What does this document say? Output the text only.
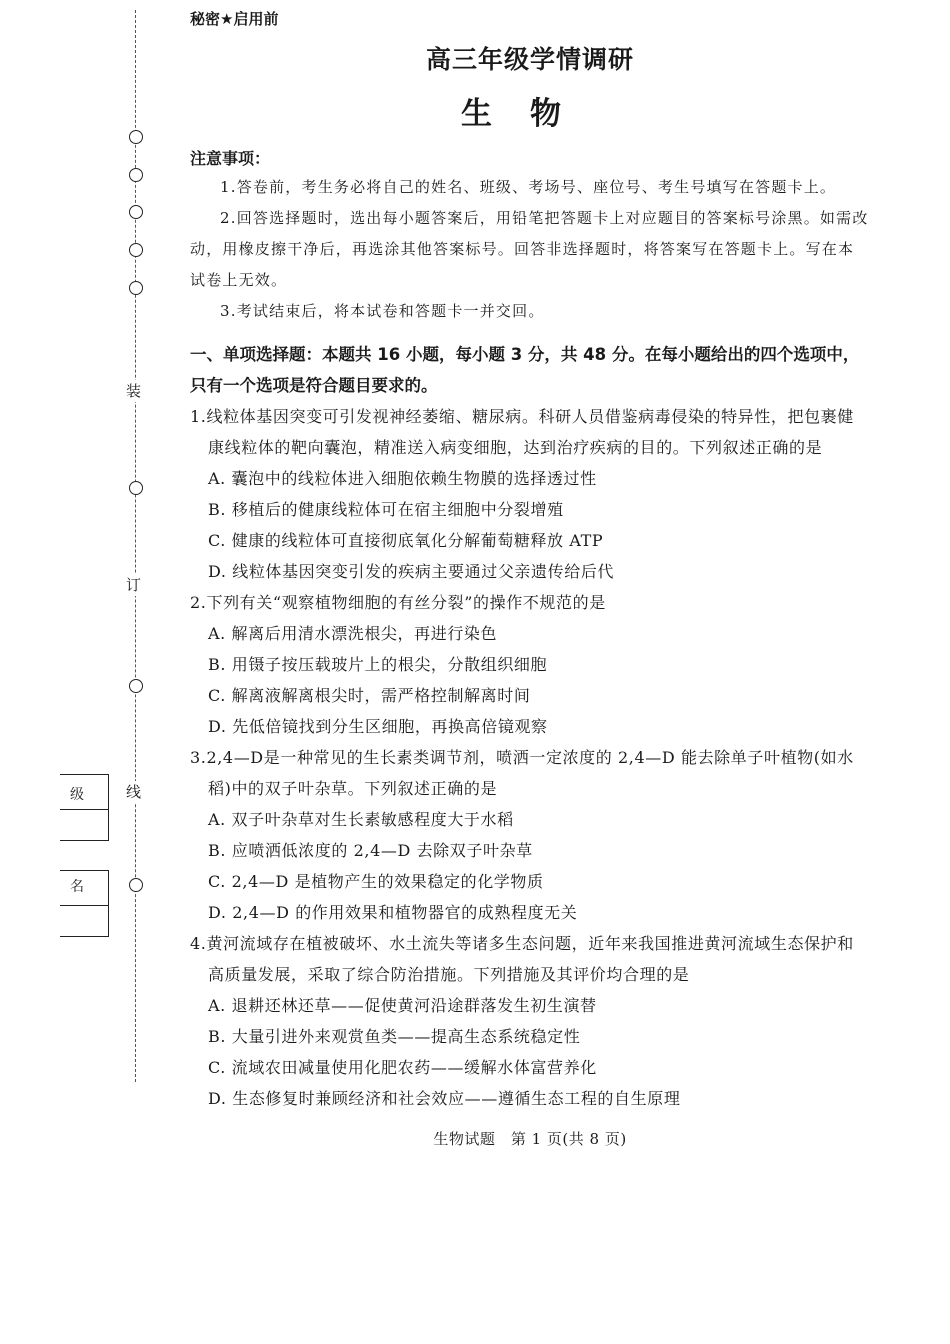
装
订
线
级
名
秘密★启用前
高三年级学情调研
生物
注意事项：
1.答卷前，考生务必将自己的姓名、班级、考场号、座位号、考生号填写在答题卡上。
2.回答选择题时，选出每小题答案后，用铅笔把答题卡上对应题目的答案标号涂黑。如需改动，用橡皮擦干净后，再选涂其他答案标号。回答非选择题时，将答案写在答题卡上。写在本试卷上无效。
3.考试结束后，将本试卷和答题卡一并交回。
一、单项选择题：本题共 16 小题，每小题 3 分，共 48 分。在每小题给出的四个选项中，只有一个选项是符合题目要求的。
1.线粒体基因突变可引发视神经萎缩、糖尿病。科研人员借鉴病毒侵染的特异性，把包裹健康线粒体的靶向囊泡，精准送入病变细胞，达到治疗疾病的目的。下列叙述正确的是
A. 囊泡中的线粒体进入细胞依赖生物膜的选择透过性
B. 移植后的健康线粒体可在宿主细胞中分裂增殖
C. 健康的线粒体可直接彻底氧化分解葡萄糖释放 ATP
D. 线粒体基因突变引发的疾病主要通过父亲遗传给后代
2.下列有关“观察植物细胞的有丝分裂”的操作不规范的是
A. 解离后用清水漂洗根尖，再进行染色
B. 用镊子按压载玻片上的根尖，分散组织细胞
C. 解离液解离根尖时，需严格控制解离时间
D. 先低倍镜找到分生区细胞，再换高倍镜观察
3.2,4—D是一种常见的生长素类调节剂，喷洒一定浓度的 2,4—D 能去除单子叶植物(如水稻)中的双子叶杂草。下列叙述正确的是
A. 双子叶杂草对生长素敏感程度大于水稻
B. 应喷洒低浓度的 2,4—D 去除双子叶杂草
C. 2,4—D 是植物产生的效果稳定的化学物质
D. 2,4—D 的作用效果和植物器官的成熟程度无关
4.黄河流域存在植被破坏、水土流失等诸多生态问题，近年来我国推进黄河流域生态保护和高质量发展，采取了综合防治措施。下列措施及其评价均合理的是
A. 退耕还林还草——促使黄河沿途群落发生初生演替
B. 大量引进外来观赏鱼类——提高生态系统稳定性
C. 流域农田减量使用化肥农药——缓解水体富营养化
D. 生态修复时兼顾经济和社会效应——遵循生态工程的自生原理
生物试题　第 1 页(共 8 页)
